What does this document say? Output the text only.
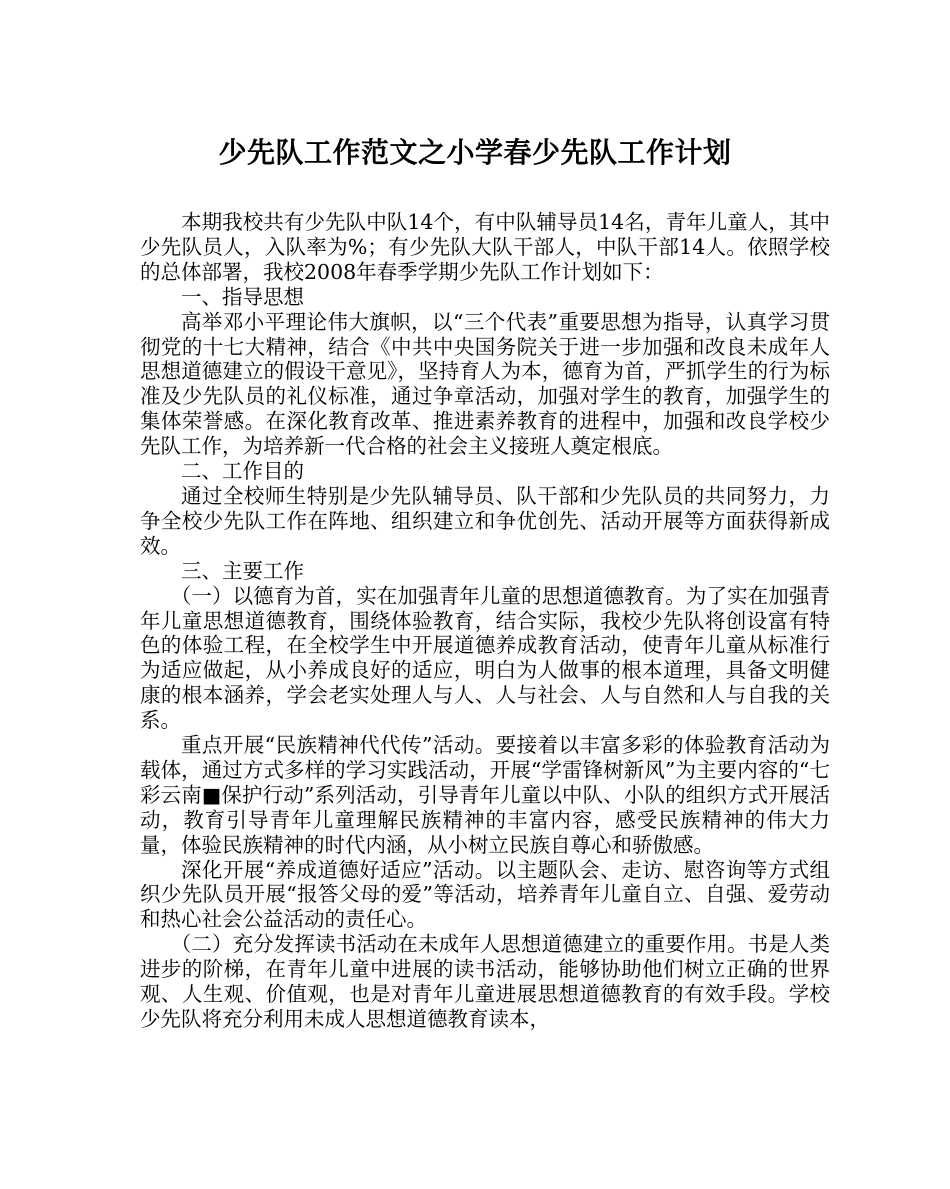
少先队工作范文之小学春少先队工作计划

本期我校共有少先队中队14个，有中队辅导员14名，青年儿童人，其中少先队员人，入队率为%；有少先队大队干部人，中队干部14人。依照学校的总体部署，我校2008年春季学期少先队工作计划如下：

一、指导思想

高举邓小平理论伟大旗帜，以“三个代表”重要思想为指导，认真学习贯彻党的十七大精神，结合《中共中央国务院关于进一步加强和改良未成年人思想道德建立的假设干意见》，坚持育人为本，德育为首，严抓学生的行为标准及少先队员的礼仪标准，通过争章活动，加强对学生的教育，加强学生的集体荣誉感。在深化教育改革、推进素养教育的进程中，加强和改良学校少先队工作，为培养新一代合格的社会主义接班人奠定根底。

二、工作目的

通过全校师生特别是少先队辅导员、队干部和少先队员的共同努力，力争全校少先队工作在阵地、组织建立和争优创先、活动开展等方面获得新成效。

三、主要工作

（一）以德育为首，实在加强青年儿童的思想道德教育。为了实在加强青年儿童思想道德教育，围绕体验教育，结合实际，我校少先队将创设富有特色的体验工程，在全校学生中开展道德养成教育活动，使青年儿童从标准行为适应做起，从小养成良好的适应，明白为人做事的根本道理，具备文明健康的根本涵养，学会老实处理人与人、人与社会、人与自然和人与自我的关系。

重点开展“民族精神代代传”活动。要接着以丰富多彩的体验教育活动为载体，通过方式多样的学习实践活动，开展“学雷锋树新风”为主要内容的“七彩云南■保护行动”系列活动，引导青年儿童以中队、小队的组织方式开展活动，教育引导青年儿童理解民族精神的丰富内容，感受民族精神的伟大力量，体验民族精神的时代内涵，从小树立民族自尊心和骄傲感。

深化开展“养成道德好适应”活动。以主题队会、走访、慰咨询等方式组织少先队员开展“报答父母的爱”等活动，培养青年儿童自立、自强、爱劳动和热心社会公益活动的责任心。

（二）充分发挥读书活动在未成年人思想道德建立的重要作用。书是人类进步的阶梯，在青年儿童中进展的读书活动，能够协助他们树立正确的世界观、人生观、价值观，也是对青年儿童进展思想道德教育的有效手段。学校少先队将充分利用未成人思想道德教育读本，
